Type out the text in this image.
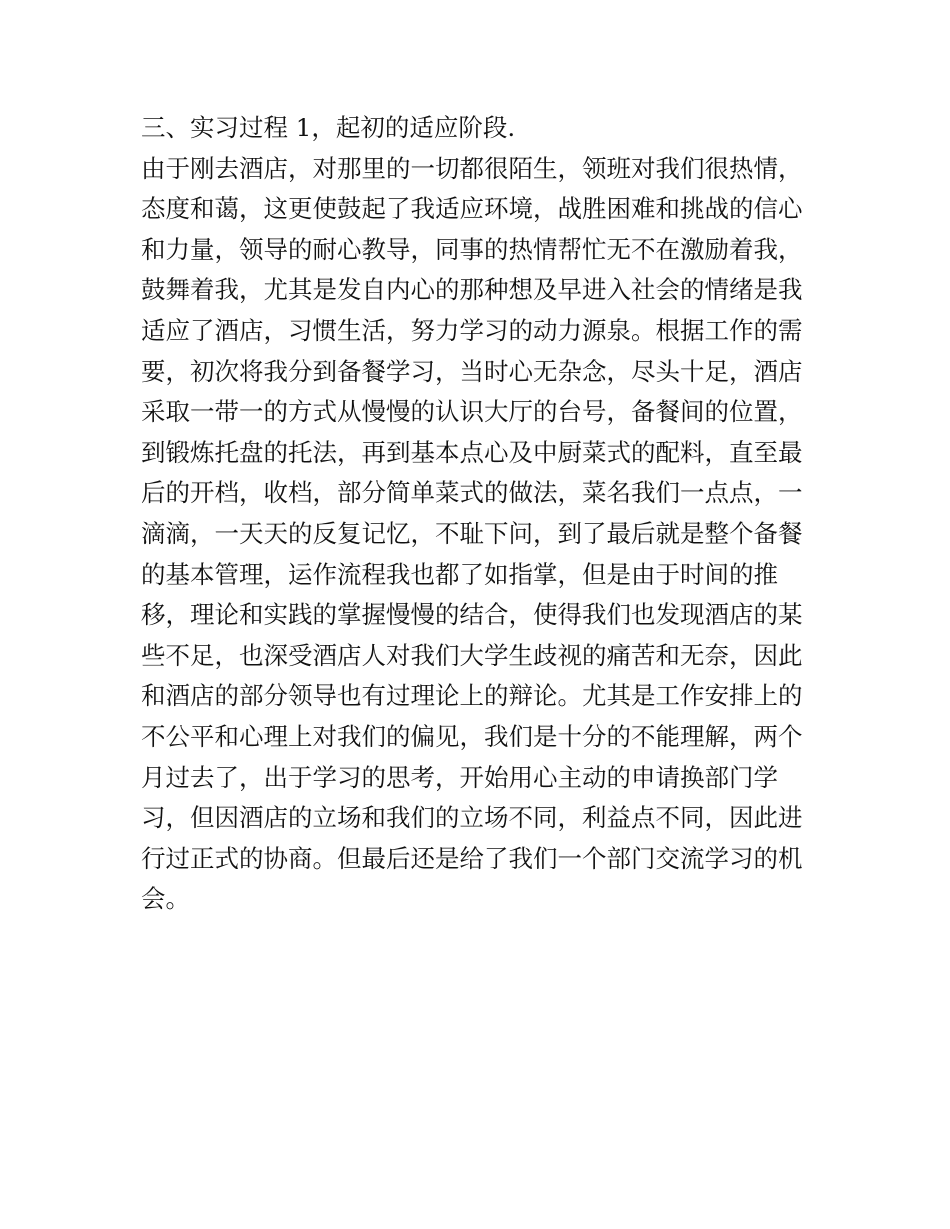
三、实习过程 1，起初的适应阶段.

由于刚去酒店，对那里的一切都很陌生，领班对我们很热情，

态度和蔼，这更使鼓起了我适应环境，战胜困难和挑战的信心

和力量，领导的耐心教导，同事的热情帮忙无不在激励着我，

鼓舞着我，尤其是发自内心的那种想及早进入社会的情绪是我

适应了酒店，习惯生活，努力学习的动力源泉。根据工作的需

要，初次将我分到备餐学习，当时心无杂念，尽头十足，酒店

采取一带一的方式从慢慢的认识大厅的台号，备餐间的位置，

到锻炼托盘的托法，再到基本点心及中厨菜式的配料，直至最

后的开档，收档，部分简单菜式的做法，菜名我们一点点，一

滴滴，一天天的反复记忆，不耻下问，到了最后就是整个备餐

的基本管理，运作流程我也都了如指掌，但是由于时间的推

移，理论和实践的掌握慢慢的结合，使得我们也发现酒店的某

些不足，也深受酒店人对我们大学生歧视的痛苦和无奈，因此

和酒店的部分领导也有过理论上的辩论。尤其是工作安排上的

不公平和心理上对我们的偏见，我们是十分的不能理解，两个

月过去了，出于学习的思考，开始用心主动的申请换部门学

习，但因酒店的立场和我们的立场不同，利益点不同，因此进

行过正式的协商。但最后还是给了我们一个部门交流学习的机

会。
